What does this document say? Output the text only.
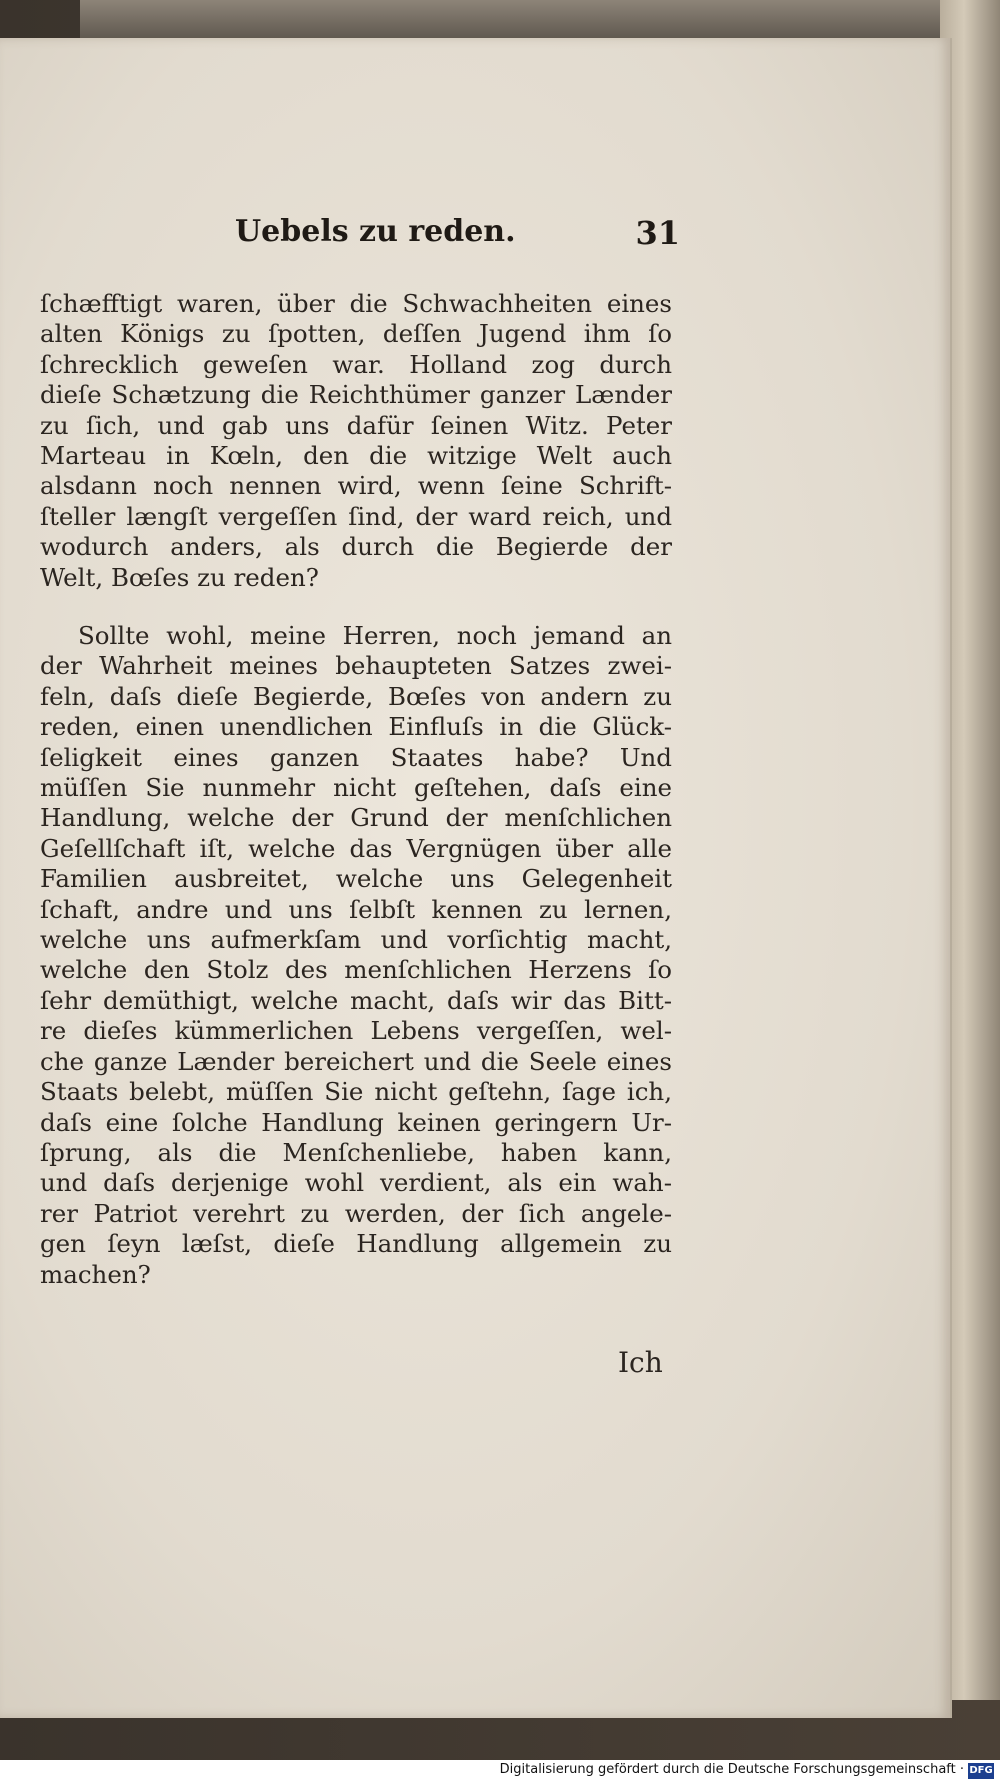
Uebels zu reden.	31
ſchæfftigt waren, über die Schwachheiten eines
alten Königs zu ſpotten, deſſen Jugend ihm ſo
ſchrecklich geweſen war. Holland zog durch
dieſe Schætzung die Reichthümer ganzer Lænder
zu ſich, und gab uns dafür ſeinen Witz. Peter
Marteau in Kœln, den die witzige Welt auch
alsdann noch nennen wird, wenn ſeine Schrift-
ſteller længſt vergeſſen ſind, der ward reich, und
wodurch anders, als durch die Begierde der
Welt, Bœſes zu reden?
Sollte wohl, meine Herren, noch jemand an
der Wahrheit meines behaupteten Satzes zwei-
feln, daſs dieſe Begierde, Bœſes von andern zu
reden, einen unendlichen Einfluſs in die Glück-
ſeligkeit eines ganzen Staates habe? Und
müſſen Sie nunmehr nicht geſtehen, daſs eine
Handlung, welche der Grund der menſchlichen
Geſellſchaft iſt, welche das Vergnügen über alle
Familien ausbreitet, welche uns Gelegenheit
ſchaft, andre und uns ſelbſt kennen zu lernen,
welche uns aufmerkſam und vorſichtig macht,
welche den Stolz des menſchlichen Herzens ſo
ſehr demüthigt, welche macht, daſs wir das Bitt-
re dieſes kümmerlichen Lebens vergeſſen, wel-
che ganze Lænder bereichert und die Seele eines
Staats belebt, müſſen Sie nicht geſtehn, ſage ich,
daſs eine ſolche Handlung keinen geringern Ur-
ſprung, als die Menſchenliebe, haben kann,
und daſs derjenige wohl verdient, als ein wah-
rer Patriot verehrt zu werden, der ſich angele-
gen ſeyn læſst, dieſe Handlung allgemein zu
machen?
Ich
Digitalisierung gefördert durch die Deutsche Forschungsgemeinschaft · DFG
